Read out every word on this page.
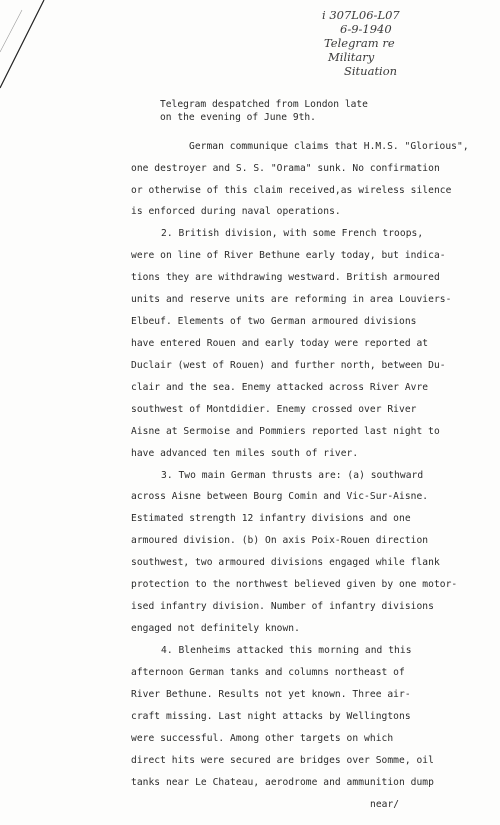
i 307L06-L07
6-9-1940
Telegram re
Military
Situation
Telegram despatched from London late
on the evening of June 9th.
German communique claims that H.M.S. "Glorious",
one destroyer and S. S. "Orama" sunk. No confirmation
or otherwise of this claim received,as wireless silence
is enforced during naval operations.
2. British division, with some French troops,
were on line of River Bethune early today, but indica-
tions they are withdrawing westward. British armoured
units and reserve units are reforming in area Louviers-
Elbeuf. Elements of two German armoured divisions
have entered Rouen and early today were reported at
Duclair (west of Rouen) and further north, between Du-
clair and the sea. Enemy attacked across River Avre
southwest of Montdidier. Enemy crossed over River
Aisne at Sermoise and Pommiers reported last night to
have advanced ten miles south of river.
3. Two main German thrusts are: (a) southward
across Aisne between Bourg Comin and Vic-Sur-Aisne.
Estimated strength 12 infantry divisions and one
armoured division. (b) On axis Poix-Rouen direction
southwest, two armoured divisions engaged while flank
protection to the northwest believed given by one motor-
ised infantry division. Number of infantry divisions
engaged not definitely known.
4. Blenheims attacked this morning and this
afternoon German tanks and columns northeast of
River Bethune. Results not yet known. Three air-
craft missing. Last night attacks by Wellingtons
were successful. Among other targets on which
direct hits were secured are bridges over Somme, oil
tanks near Le Chateau, aerodrome and ammunition dump
near/
